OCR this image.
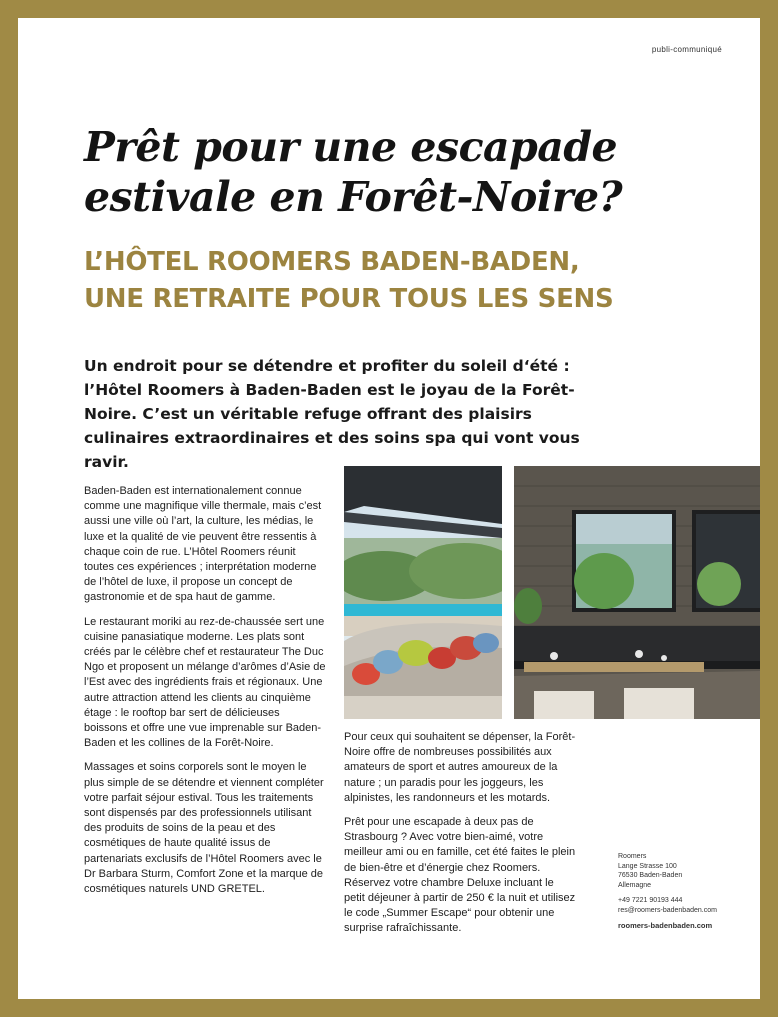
publi-communiqué
Prêt pour une escapade
estivale en Forêt-Noire?
L’HÔTEL ROOMERS BADEN-BADEN,
UNE RETRAITE POUR TOUS LES SENS
Un endroit pour se détendre et profiter du soleil d‘été : l’Hôtel Roomers à Baden-Baden est le joyau de la Forêt-Noire. C’est un véritable refuge offrant des plaisirs culinaires extraordinaires et des soins spa qui vont vous ravir.

Baden-Baden est internationalement connue comme une magnifique ville thermale, mais c’est aussi une ville où l’art, la culture, les médias, le luxe et la qualité de vie peuvent être ressentis à chaque coin de rue. L’Hôtel Roomers réunit toutes ces expériences ; interprétation moderne de l’hôtel de luxe, il propose un concept de gastronomie et de spa haut de gamme.

Le restaurant moriki au rez-de-chaussée sert une cuisine panasiatique moderne. Les plats sont créés par le célèbre chef et restaurateur The Duc Ngo et proposent un mélange d’arômes d’Asie de l’Est avec des ingrédients frais et régionaux. Une autre attraction attend les clients au cinquième étage : le rooftop bar sert de délicieuses boissons et offre une vue imprenable sur Baden-Baden et les collines de la Forêt-Noire.

Massages et soins corporels sont le moyen le plus simple de se détendre et viennent compléter votre parfait séjour estival. Tous les traitements sont dispensés par des professionnels utilisant des produits de soins de la peau et des cosmétiques de haute qualité issus de partenariats exclusifs de l’Hôtel Roomers avec le Dr Barbara Sturm, Comfort Zone et la marque de cosmétiques naturels UND GRETEL.

Pour ceux qui souhaitent se dépenser, la Forêt-Noire offre de nombreuses possibilités aux amateurs de sport et autres amoureux de la nature ; un paradis pour les joggeurs, les alpinistes, les randonneurs et les motards.

Prêt pour une escapade à deux pas de Strasbourg ? Avec votre bien-aimé, votre meilleur ami ou en famille, cet été faites le plein de bien-être et d’énergie chez Roomers. Réservez votre chambre Deluxe incluant le petit déjeuner à partir de 250 € la nuit et utilisez le code „Summer Escape“ pour obtenir une surprise rafraîchissante.

Roomers
Lange Strasse 100
76530 Baden-Baden
Allemagne
+49 7221 90193 444
res@roomers-badenbaden.com
roomers-badenbaden.com
